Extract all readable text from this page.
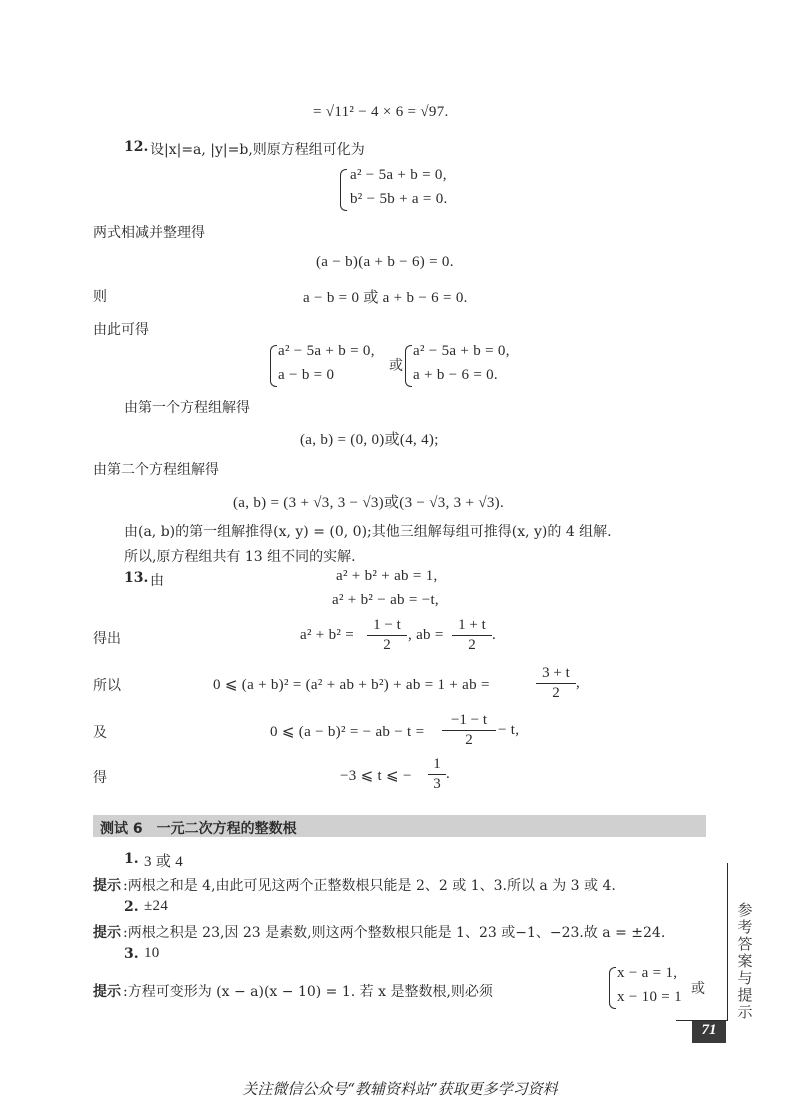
= √11² − 4 × 6 = √97.
12. 设|x|=a, |y|=b,则原方程组可化为
a² − 5a + b = 0,
b² − 5b + a = 0.
两式相减并整理得
(a − b)(a + b − 6) = 0.
则	a − b = 0 或 a + b − 6 = 0.
由此可得
a² − 5a + b = 0,
a − b = 0
或
a² − 5a + b = 0,
a + b − 6 = 0.
由第一个方程组解得
(a, b) = (0, 0)或(4, 4);
由第二个方程组解得
(a, b) = (3 + √3, 3 − √3)或(3 − √3, 3 + √3).
由(a, b)的第一组解推得(x, y) = (0, 0);其他三组解每组可推得(x, y)的 4 组解.
所以,原方程组共有 13 组不同的实解.
13. 由	a² + b² + ab = 1,
a² + b² − ab = −t,
得出	$a^2 + b^2 = \frac{1 - t}{2}$ , ab = $\frac{1 + t}{2}$ .
所以	0 ⩽ (a + b)² = (a² + ab + b²) + ab = 1 + ab =	$\frac{3 + t}{2}$ ,
及	0 ⩽ (a − b)² = − ab − $t = \frac{-1 - t}{2} - t$,
得	−3 ⩽ t ⩽ − $\frac{1}{3}$ .
测试 6　一元二次方程的整数根
1. 3 或 4
提示 :两根之和是 4,由此可见这两个正整数根只能是 2、2 或 1、3.所以 a 为 3 或 4.
2. ±24
提示 :两根之积是 23,因 23 是素数,则这两个整数根只能是 1、23 或−1、−23.故 a = ±24.
3. 10
提示 :方程可变形为 (x − a)(x − 10) = 1. 若 x 是整数根,则必须
x − a = 1,
x − 10 = 1 或
参考答案与提示
71
关注微信公众号“教辅资料站”获取更多学习资料
